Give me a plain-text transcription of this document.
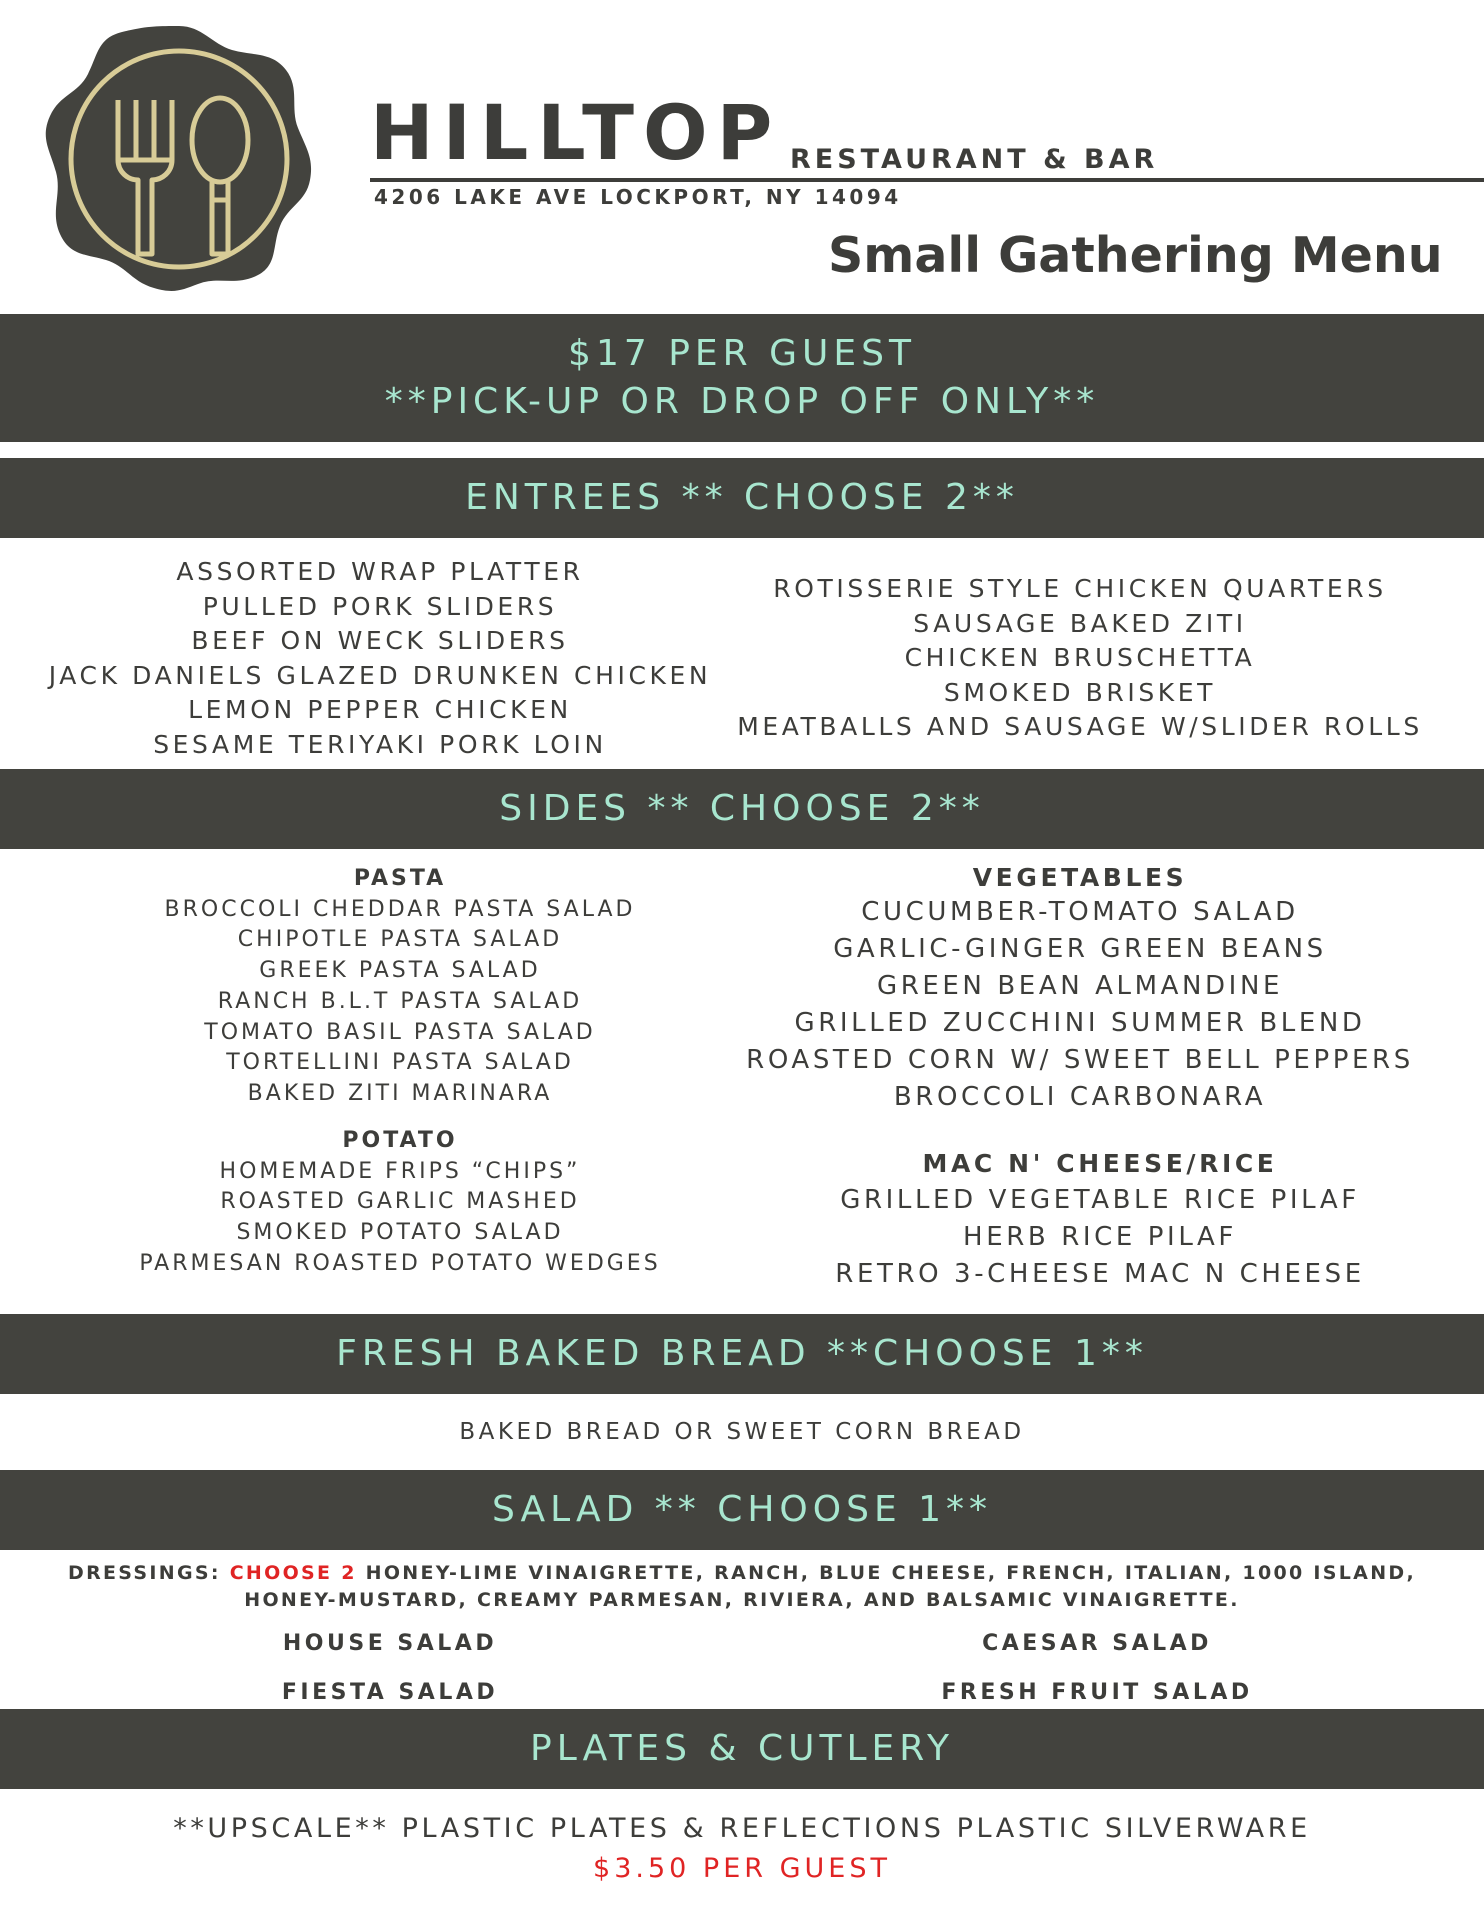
HILLTOP RESTAURANT & BAR
4206 LAKE AVE LOCKPORT, NY 14094
Small Gathering Menu
$17 PER GUEST
**PICK-UP OR DROP OFF ONLY**
ENTREES ** CHOOSE 2**
ASSORTED WRAP PLATTER
PULLED PORK SLIDERS
BEEF ON WECK SLIDERS
JACK DANIELS GLAZED DRUNKEN CHICKEN
LEMON PEPPER CHICKEN
SESAME TERIYAKI PORK LOIN
ROTISSERIE STYLE CHICKEN QUARTERS
SAUSAGE BAKED ZITI
CHICKEN BRUSCHETTA
SMOKED BRISKET
MEATBALLS AND SAUSAGE W/SLIDER ROLLS
SIDES ** CHOOSE 2**
PASTA
BROCCOLI CHEDDAR PASTA SALAD
CHIPOTLE PASTA SALAD
GREEK PASTA SALAD
RANCH B.L.T PASTA SALAD
TOMATO BASIL PASTA SALAD
TORTELLINI PASTA SALAD
BAKED ZITI MARINARA
POTATO
HOMEMADE FRIPS “CHIPS”
ROASTED GARLIC MASHED
SMOKED POTATO SALAD
PARMESAN ROASTED POTATO WEDGES
VEGETABLES
CUCUMBER-TOMATO SALAD
GARLIC-GINGER GREEN BEANS
GREEN BEAN ALMANDINE
GRILLED ZUCCHINI SUMMER BLEND
ROASTED CORN W/ SWEET BELL PEPPERS
BROCCOLI CARBONARA
MAC N' CHEESE/RICE
GRILLED VEGETABLE RICE PILAF
HERB RICE PILAF
RETRO 3-CHEESE MAC N CHEESE
FRESH BAKED BREAD **CHOOSE 1**
BAKED BREAD OR SWEET CORN BREAD
SALAD ** CHOOSE 1**
DRESSINGS: CHOOSE 2 HONEY-LIME VINAIGRETTE, RANCH, BLUE CHEESE, FRENCH, ITALIAN, 1000 ISLAND,
HONEY-MUSTARD, CREAMY PARMESAN, RIVIERA, AND BALSAMIC VINAIGRETTE.
HOUSE SALAD	CAESAR SALAD
FIESTA SALAD	FRESH FRUIT SALAD
PLATES & CUTLERY
**UPSCALE** PLASTIC PLATES & REFLECTIONS PLASTIC SILVERWARE
$3.50 PER GUEST
